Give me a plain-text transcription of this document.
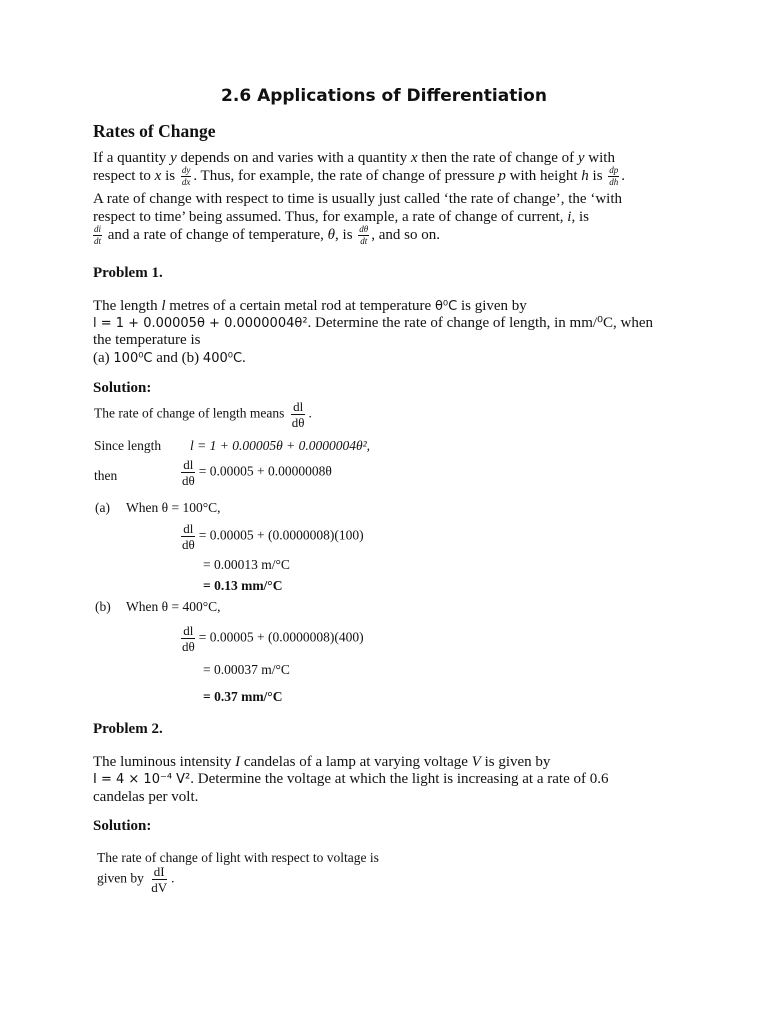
2.6 Applications of Differentiation
Rates of Change
If a quantity y depends on and varies with a quantity x then the rate of change of y with
respect to x is $\frac{dy}{dx}$ . Thus, for example, the rate of change of pressure p with height h is $\frac{dp}{dh}$ .
A rate of change with respect to time is usually just called ‘the rate of change’, the ‘with
respect to time’ being assumed. Thus, for example, a rate of change of current, i, is
$\frac{di}{dt}$ and a rate of change of temperature, θ, is $\frac{d\theta}{dt}$ , and so on.
Problem 1.
The length l metres of a certain metal rod at temperature θ⁰C is given by
l = 1 + 0.00005θ + 0.0000004θ². Determine the rate of change of length, in mm/⁰C, when
the temperature is
(a) 100⁰C and (b) 400⁰C.
Solution:
The rate of change of length means $\frac{dl}{d\theta}$ .
Since length l = 1 + 0.00005θ + 0.0000004θ²,
then	$\frac{dl}{d\theta} = 0.00005 + 0.0000008\theta$
(a) When θ = 100°C,
$\frac{dl}{d\theta} = 0.00005 + (0.0000008)(100)$
= 0.00013 m/°C
= 0.13 mm/°C
(b) When θ = 400°C,
$\frac{dl}{d\theta} = 0.00005 + (0.0000008)(400)$
= 0.00037 m/°C
= 0.37 mm/°C
Problem 2.
The luminous intensity I candelas of a lamp at varying voltage V is given by
I = 4 × 10⁻⁴ V². Determine the voltage at which the light is increasing at a rate of 0.6
candelas per volt.
Solution:
The rate of change of light with respect to voltage is
given by $\frac{dI}{dV}$ .
